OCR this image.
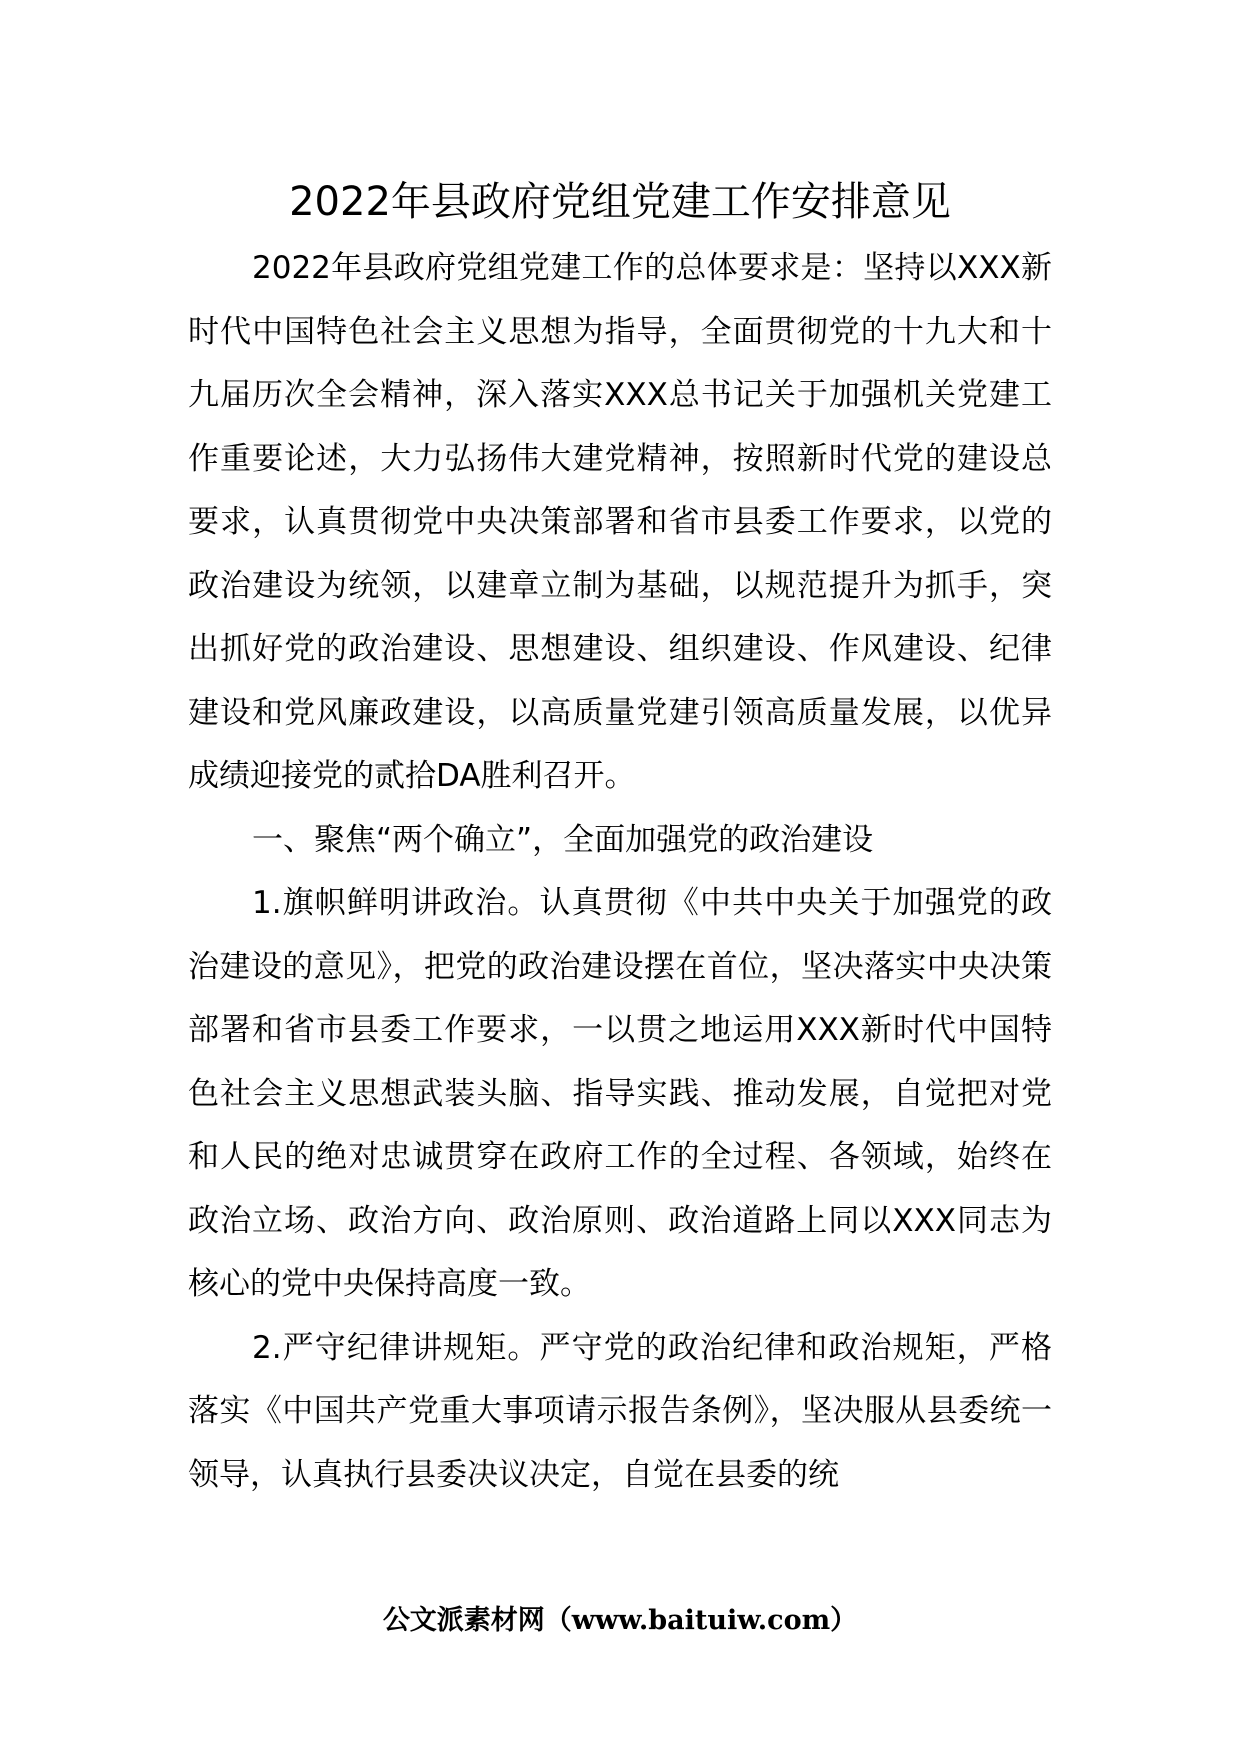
2022年县政府党组党建工作安排意见

2022年县政府党组党建工作的总体要求是：坚持以XXX新时代中国特色社会主义思想为指导，全面贯彻党的十九大和十九届历次全会精神，深入落实XXX总书记关于加强机关党建工作重要论述，大力弘扬伟大建党精神，按照新时代党的建设总要求，认真贯彻党中央决策部署和省市县委工作要求，以党的政治建设为统领，以建章立制为基础，以规范提升为抓手，突出抓好党的政治建设、思想建设、组织建设、作风建设、纪律建设和党风廉政建设，以高质量党建引领高质量发展，以优异成绩迎接党的贰拾DA胜利召开。

一、聚焦“两个确立”，全面加强党的政治建设

1.旗帜鲜明讲政治。认真贯彻《中共中央关于加强党的政治建设的意见》，把党的政治建设摆在首位，坚决落实中央决策部署和省市县委工作要求，一以贯之地运用XXX新时代中国特色社会主义思想武装头脑、指导实践、推动发展，自觉把对党和人民的绝对忠诚贯穿在政府工作的全过程、各领域，始终在政治立场、政治方向、政治原则、政治道路上同以XXX同志为核心的党中央保持高度一致。

2.严守纪律讲规矩。严守党的政治纪律和政治规矩，严格落实《中国共产党重大事项请示报告条例》，坚决服从县委统一领导，认真执行县委决议决定，自觉在县委的统

公文派素材网（www.baituiw.com）
